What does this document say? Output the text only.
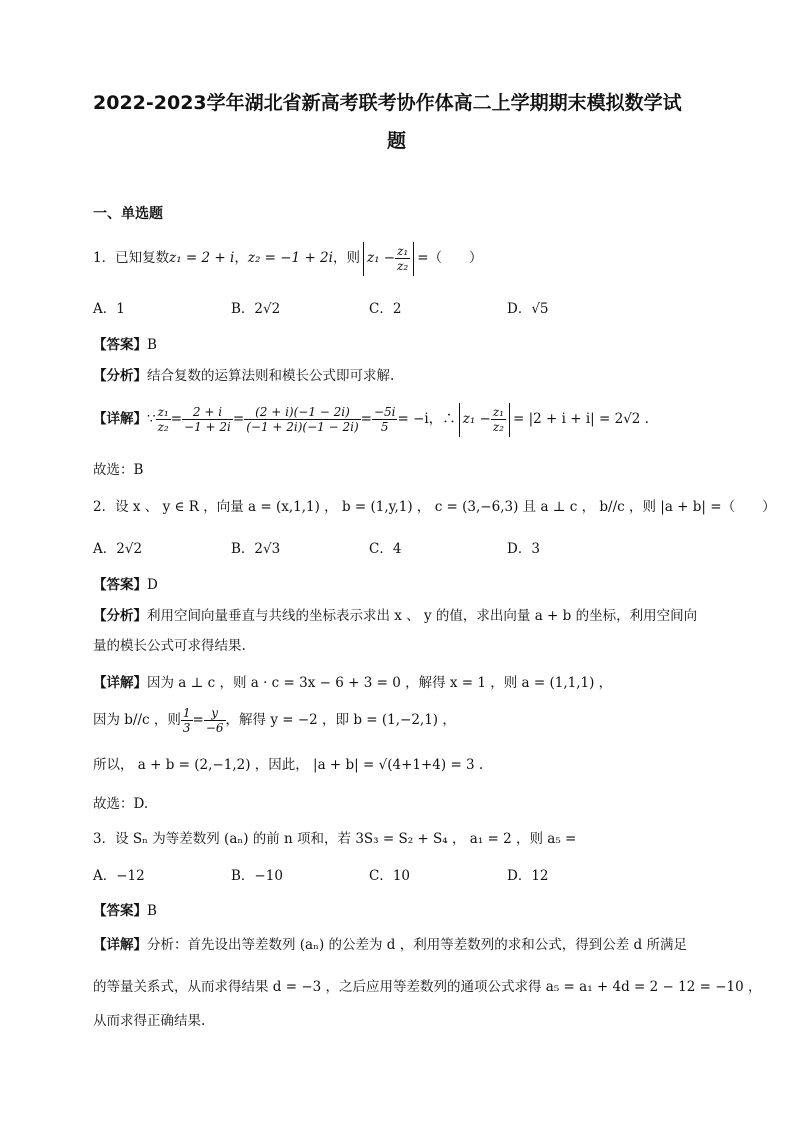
2022-2023学年湖北省新高考联考协作体高二上学期期末模拟数学试
题
一、单选题
1．已知复数z₁ = 2 + i，z₂ = −1 + 2i，则 $z_1 - \frac{\text{z₁}}{\text{z₂}}$ =（　　）
A．1	B．2√2	C．2	D．√5
【答案】B
【分析】结合复数的运算法则和模长公式即可求解.
【详解】∵ $\frac{\text{z₁}}{\text{z₂}} = \frac{2 + i}{-1 + 2i} = \frac{(2 + i)(-1 - 2i)}{(-1 + 2i)(-1 - 2i)} = \frac{-5i}{5} = -i$，∴ $z_1 - \frac{\text{z₁}}{\text{z₂}} = |2 + i + i| = 2√2$ .
故选：B
2．设 x 、 y ∈ R ，向量 a = (x,1,1) ， b = (1,y,1) ， c = (3,−6,3) 且 a ⊥ c ， b//c ，则 |a + b| =（　　）
A．2√2	B．2√3	C．4	D．3
【答案】D
【分析】利用空间向量垂直与共线的坐标表示求出 x 、 y 的值，求出向量 a + b 的坐标，利用空间向
量的模长公式可求得结果.
【详解】因为 a ⊥ c ，则 a · c = 3x − 6 + 3 = 0 ，解得 x = 1 ，则 a = (1,1,1) ，
因为 b//c ，则 $\frac{1}{3} = \frac{y}{-6}$ ，解得 y = −2 ，即 b = (1,−2,1) ，
所以， a + b = (2,−1,2) ，因此， |a + b| = √(4+1+4) = 3 .
故选：D.
3．设 Sₙ 为等差数列 (aₙ) 的前 n 项和，若 3S₃ = S₂ + S₄ ， a₁ = 2 ，则 a₅ =
A．−12	B．−10	C．10	D．12
【答案】B
【详解】分析：首先设出等差数列 (aₙ) 的公差为 d ，利用等差数列的求和公式，得到公差 d 所满足
的等量关系式，从而求得结果 d = −3 ，之后应用等差数列的通项公式求得 a₅ = a₁ + 4d = 2 − 12 = −10 ，
从而求得正确结果.
